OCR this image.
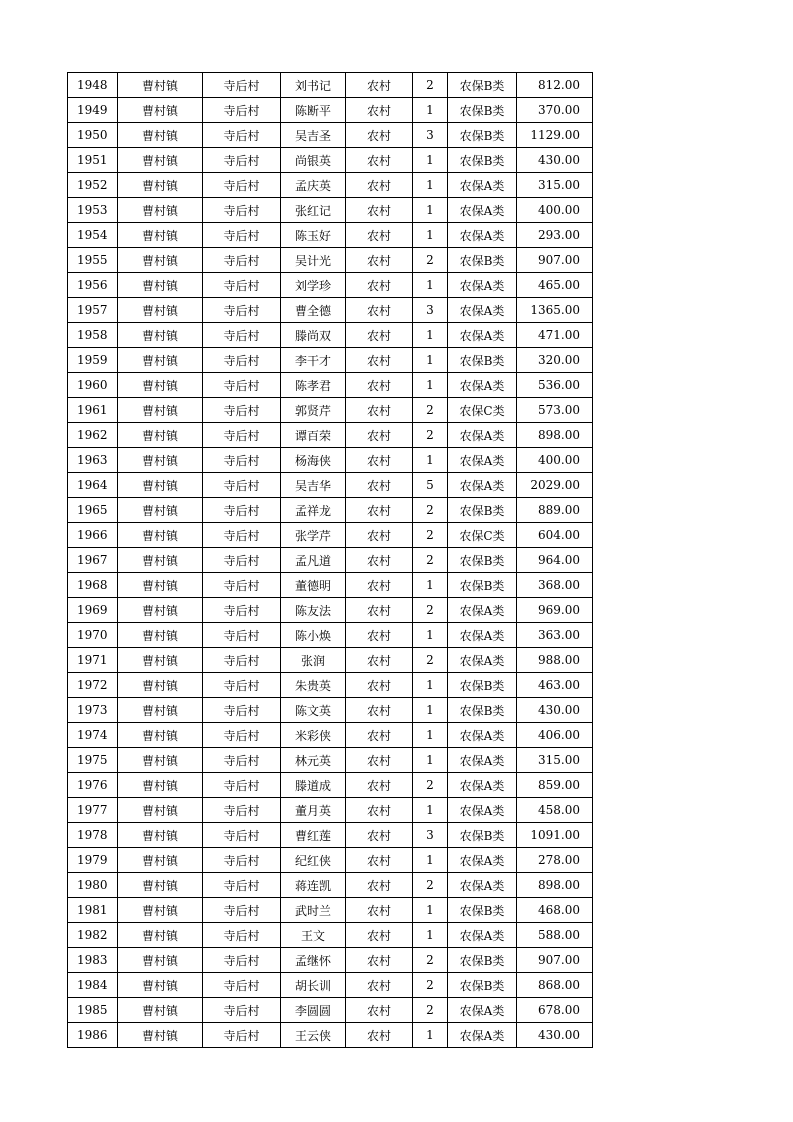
1948	曹村镇	寺后村	刘书记	农村	2	农保B类	812.00
1949	曹村镇	寺后村	陈断平	农村	1	农保B类	370.00
1950	曹村镇	寺后村	吴吉圣	农村	3	农保B类	1129.00
1951	曹村镇	寺后村	尚银英	农村	1	农保B类	430.00
1952	曹村镇	寺后村	孟庆英	农村	1	农保A类	315.00
1953	曹村镇	寺后村	张红记	农村	1	农保A类	400.00
1954	曹村镇	寺后村	陈玉好	农村	1	农保A类	293.00
1955	曹村镇	寺后村	吴计光	农村	2	农保B类	907.00
1956	曹村镇	寺后村	刘学珍	农村	1	农保A类	465.00
1957	曹村镇	寺后村	曹全德	农村	3	农保A类	1365.00
1958	曹村镇	寺后村	滕尚双	农村	1	农保A类	471.00
1959	曹村镇	寺后村	李干才	农村	1	农保B类	320.00
1960	曹村镇	寺后村	陈孝君	农村	1	农保A类	536.00
1961	曹村镇	寺后村	郭贤芹	农村	2	农保C类	573.00
1962	曹村镇	寺后村	谭百荣	农村	2	农保A类	898.00
1963	曹村镇	寺后村	杨海侠	农村	1	农保A类	400.00
1964	曹村镇	寺后村	吴吉华	农村	5	农保A类	2029.00
1965	曹村镇	寺后村	孟祥龙	农村	2	农保B类	889.00
1966	曹村镇	寺后村	张学芹	农村	2	农保C类	604.00
1967	曹村镇	寺后村	孟凡道	农村	2	农保B类	964.00
1968	曹村镇	寺后村	董德明	农村	1	农保B类	368.00
1969	曹村镇	寺后村	陈友法	农村	2	农保A类	969.00
1970	曹村镇	寺后村	陈小焕	农村	1	农保A类	363.00
1971	曹村镇	寺后村	张润	农村	2	农保A类	988.00
1972	曹村镇	寺后村	朱贵英	农村	1	农保B类	463.00
1973	曹村镇	寺后村	陈文英	农村	1	农保B类	430.00
1974	曹村镇	寺后村	米彩侠	农村	1	农保A类	406.00
1975	曹村镇	寺后村	林元英	农村	1	农保A类	315.00
1976	曹村镇	寺后村	滕道成	农村	2	农保A类	859.00
1977	曹村镇	寺后村	董月英	农村	1	农保A类	458.00
1978	曹村镇	寺后村	曹红莲	农村	3	农保B类	1091.00
1979	曹村镇	寺后村	纪红侠	农村	1	农保A类	278.00
1980	曹村镇	寺后村	蒋连凯	农村	2	农保A类	898.00
1981	曹村镇	寺后村	武时兰	农村	1	农保B类	468.00
1982	曹村镇	寺后村	王文	农村	1	农保A类	588.00
1983	曹村镇	寺后村	孟继怀	农村	2	农保B类	907.00
1984	曹村镇	寺后村	胡长训	农村	2	农保B类	868.00
1985	曹村镇	寺后村	李圆圆	农村	2	农保A类	678.00
1986	曹村镇	寺后村	王云侠	农村	1	农保A类	430.00
